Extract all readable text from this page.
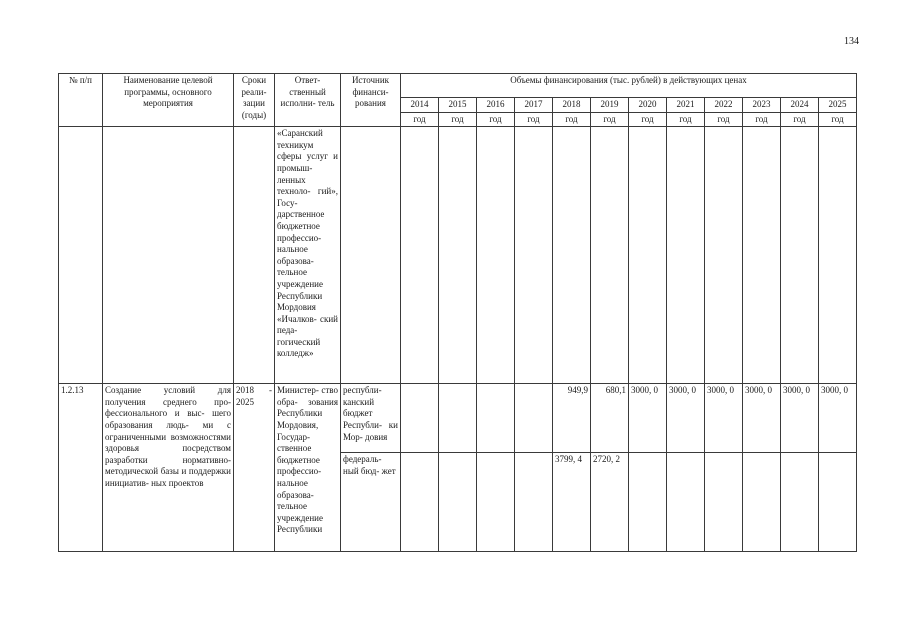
134
№ п/п	Наименование целевой программы, основного мероприятия	Сроки реали- зации (годы)	Ответ- ственный исполни- тель	Источник финанси- рования	Объемы финансирования (тыс. рублей) в действующих ценах											
					2014	2015	2016	2017	2018	2019	2020	2021	2022	2023	2024	2025
					год	год	год	год	год	год	год	год	год	год	год	год
			«Саранский техникум сферы услуг и промыш- ленных техноло- гий», Госу- дарственное бюджетное профессио- нальное образова- тельное учреждение Республики Мордовия «Ичалков- ский педа- гогический колледж»													
1.2.13	Создание условий для получения среднего про- фессионального и выс- шего образования людь- ми с ограниченными возможностями здоровья посредством разработки нормативно- методической базы и поддержки инициатив- ных проектов	2018 - 2025	Министер- ство обра- зования Республики Мордовия, Государ- ственное бюджетное профессио- нальное образова- тельное учреждение Республики	республи- канский бюджет Республи- ки Мор- довия					949,9	680,1	3000, 0	3000, 0	3000, 0	3000, 0	3000, 0	3000, 0
				федераль- ный бюд- жет					3799, 4	2720, 2						
